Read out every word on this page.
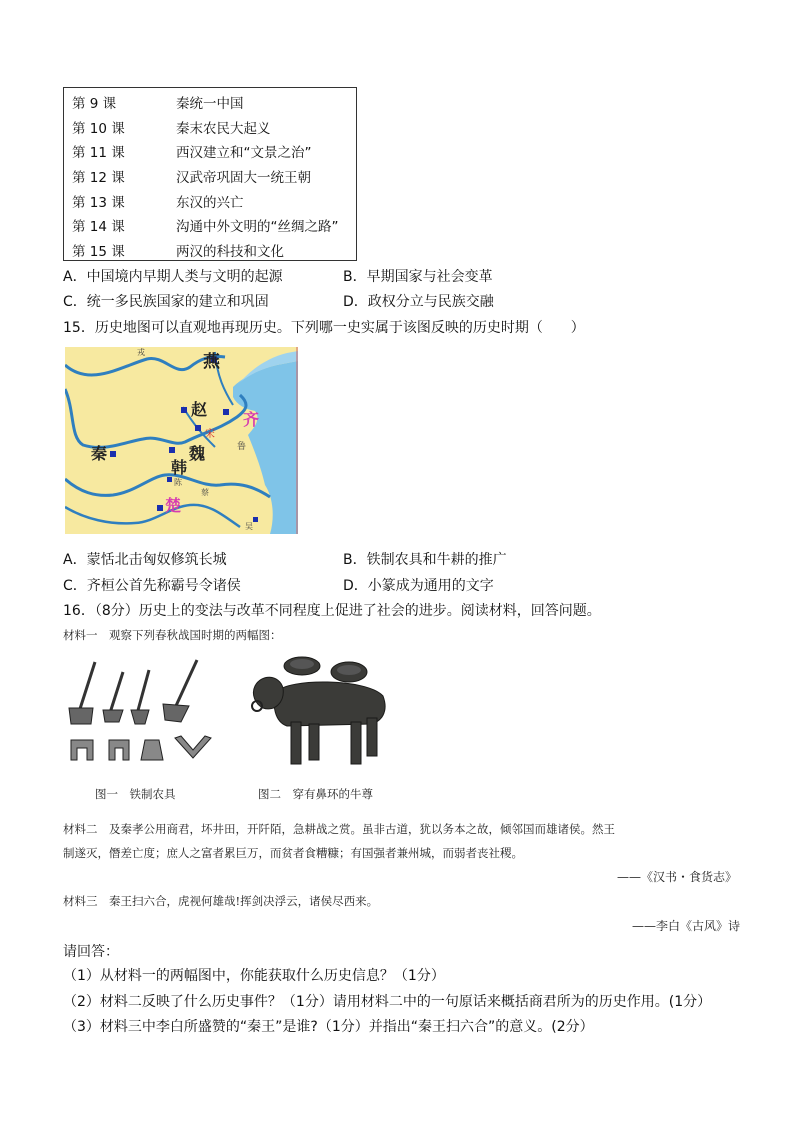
第 9 课	秦统一中国
第 10 课	秦末农民大起义
第 11 课	西汉建立和“文景之治”
第 12 课	汉武帝巩固大一统王朝
第 13 课	东汉的兴亡
第 14 课	沟通中外文明的“丝绸之路”
第 15 课	两汉的科技和文化
A．中国境内早期人类与文明的起源	B．早期国家与社会变革
C．统一多民族国家的建立和巩固	D．政权分立与民族交融
15．历史地图可以直观地再现历史。下列哪一史实属于该图反映的历史时期（　　）
戎	燕
赵
齐
宋
秦	魏
韩
鲁
陈
蔡
楚
吴
A．蒙恬北击匈奴修筑长城	B．铁制农具和牛耕的推广
C．齐桓公首先称霸号令诸侯	D．小篆成为通用的文字
16．（8分）历史上的变法与改革不同程度上促进了社会的进步。阅读材料，回答问题。
材料一　观察下列春秋战国时期的两幅图：
图一　铁制农具	图二　穿有鼻环的牛尊
材料二　及秦孝公用商君，坏井田，开阡陌，急耕战之赏。虽非古道，犹以务本之故，倾邻国而雄诸侯。然王
制遂灭，僭差亡度；庶人之富者累巨万，而贫者食糟糠；有国强者兼州城，而弱者丧社稷。
——《汉书・食货志》
材料三　秦王扫六合，虎视何雄哉!挥剑决浮云，诸侯尽西来。
——李白《古风》诗
请回答：
（1）从材料一的两幅图中，你能获取什么历史信息？（1分）
（2）材料二反映了什么历史事件？（1分）请用材料二中的一句原话来概括商君所为的历史作用。(1分）
（3）材料三中李白所盛赞的“秦王”是谁?（1分）并指出“秦王扫六合”的意义。(2分）
